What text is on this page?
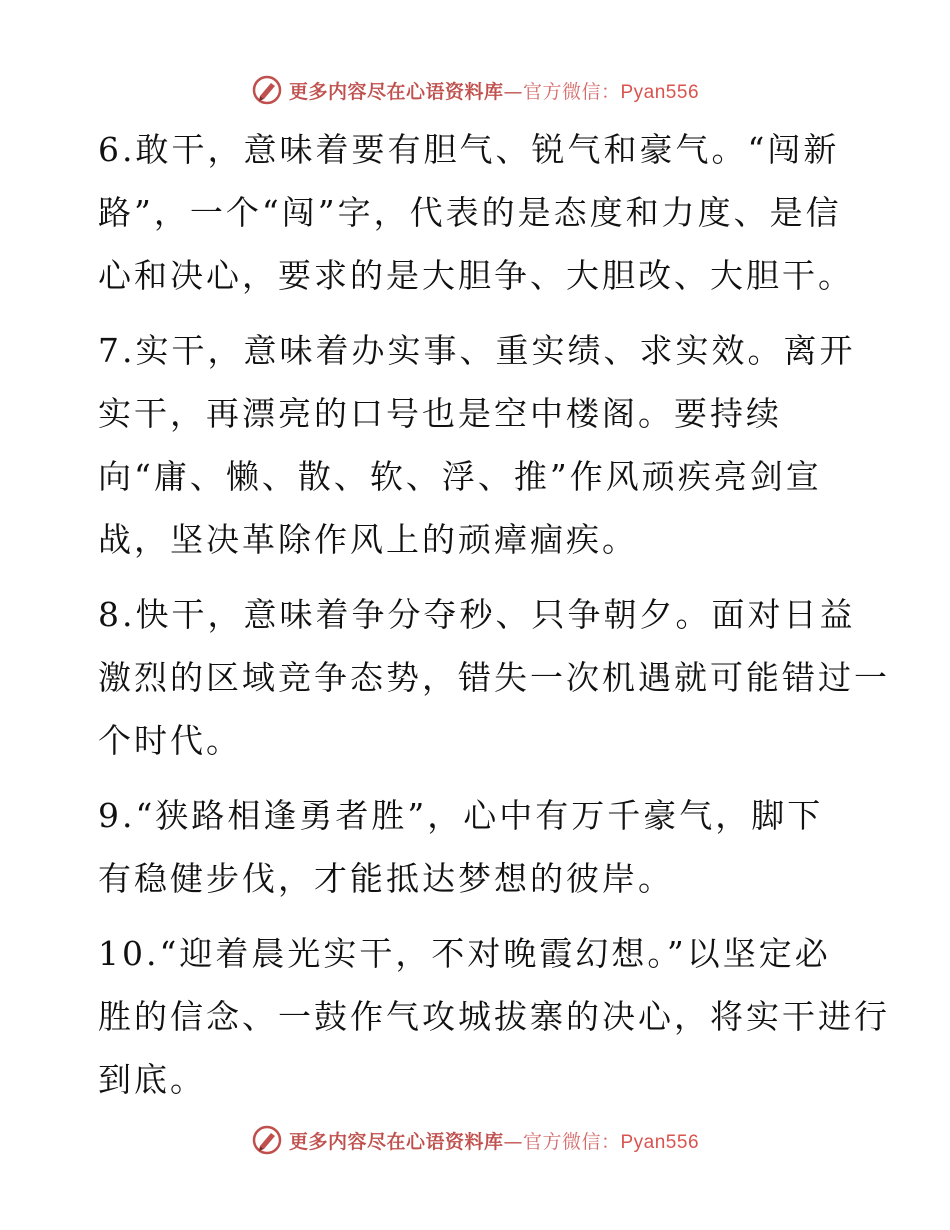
更多内容尽在心语资料库—官方微信：Pyan556

6.敢干，意味着要有胆气、锐气和豪气。“闯新
路”，一个“闯”字，代表的是态度和力度、是信
心和决心，要求的是大胆争、大胆改、大胆干。

7.实干，意味着办实事、重实绩、求实效。离开
实干，再漂亮的口号也是空中楼阁。要持续
向“庸、懒、散、软、浮、推”作风顽疾亮剑宣
战，坚决革除作风上的顽瘴痼疾。

8.快干，意味着争分夺秒、只争朝夕。面对日益
激烈的区域竞争态势，错失一次机遇就可能错过一
个时代。

9.“狭路相逢勇者胜”，心中有万千豪气，脚下
有稳健步伐，才能抵达梦想的彼岸。

10.“迎着晨光实干，不对晚霞幻想。”以坚定必
胜的信念、一鼓作气攻城拔寨的决心，将实干进行
到底。

更多内容尽在心语资料库—官方微信：Pyan556
